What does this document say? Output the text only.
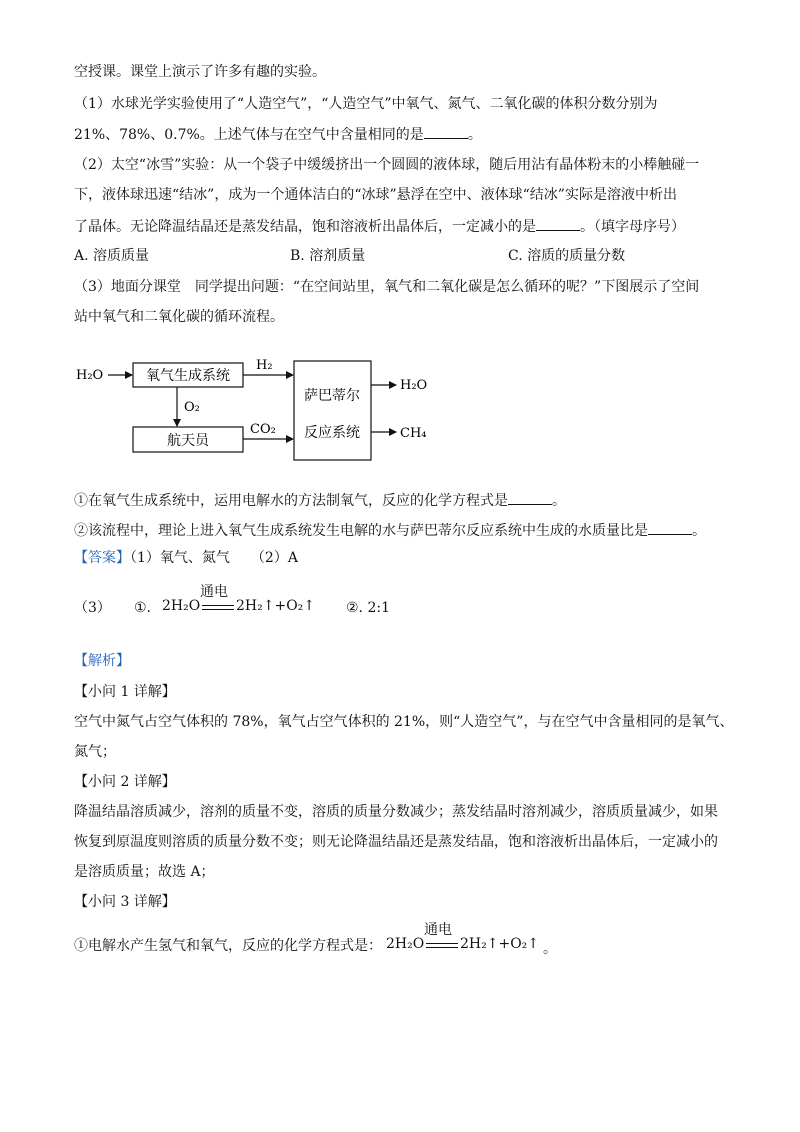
空授课。课堂上演示了许多有趣的实验。
（1）水球光学实验使用了“人造空气”，“人造空气”中氧气、氮气、二氧化碳的体积分数分别为
21%、78%、0.7%。上述气体与在空气中含量相同的是	。
（2）太空“冰雪”实验：从一个袋子中缓缓挤出一个圆圆的液体球，随后用沾有晶体粉末的小棒触碰一
下，液体球迅速“结冰”，成为一个通体洁白的“冰球”悬浮在空中、液体球“结冰”实际是溶液中析出
了晶体。无论降温结晶还是蒸发结晶，饱和溶液析出晶体后，一定减小的是	。（填字母序号）
A. 溶质质量	B. 溶剂质量	C. 溶质的质量分数
（3）地面分课堂　同学提出问题：“在空间站里，氧气和二氧化碳是怎么循环的呢？”下图展示了空间
站中氧气和二氧化碳的循环流程。
H₂O	氧气生成系统
H₂
O₂
航天员
CO₂
萨巴蒂尔
反应系统
H₂O
CH₄
①在氧气生成系统中，运用电解水的方法制氧气，反应的化学方程式是	。
②该流程中，理论上进入氧气生成系统发生电解的水与萨巴蒂尔反应系统中生成的水质量比是	。
【答案】（1）氧气、氮气　　（2）A
（3） ①.
通电
2H₂O	2H₂↑+O₂↑ ②. 2:1
【解析】
【小问 1 详解】
空气中氮气占空气体积的 78%，氧气占空气体积的 21%，则“人造空气”，与在空气中含量相同的是氧气、
氮气；
【小问 2 详解】
降温结晶溶质减少，溶剂的质量不变，溶质的质量分数减少；蒸发结晶时溶剂减少，溶质质量减少，如果
恢复到原温度则溶质的质量分数不变；则无论降温结晶还是蒸发结晶，饱和溶液析出晶体后，一定减小的
是溶质质量；故选 A；
【小问 3 详解】
①电解水产生氢气和氧气，反应的化学方程式是：
通电
2H₂O	2H₂↑+O₂↑ 。
